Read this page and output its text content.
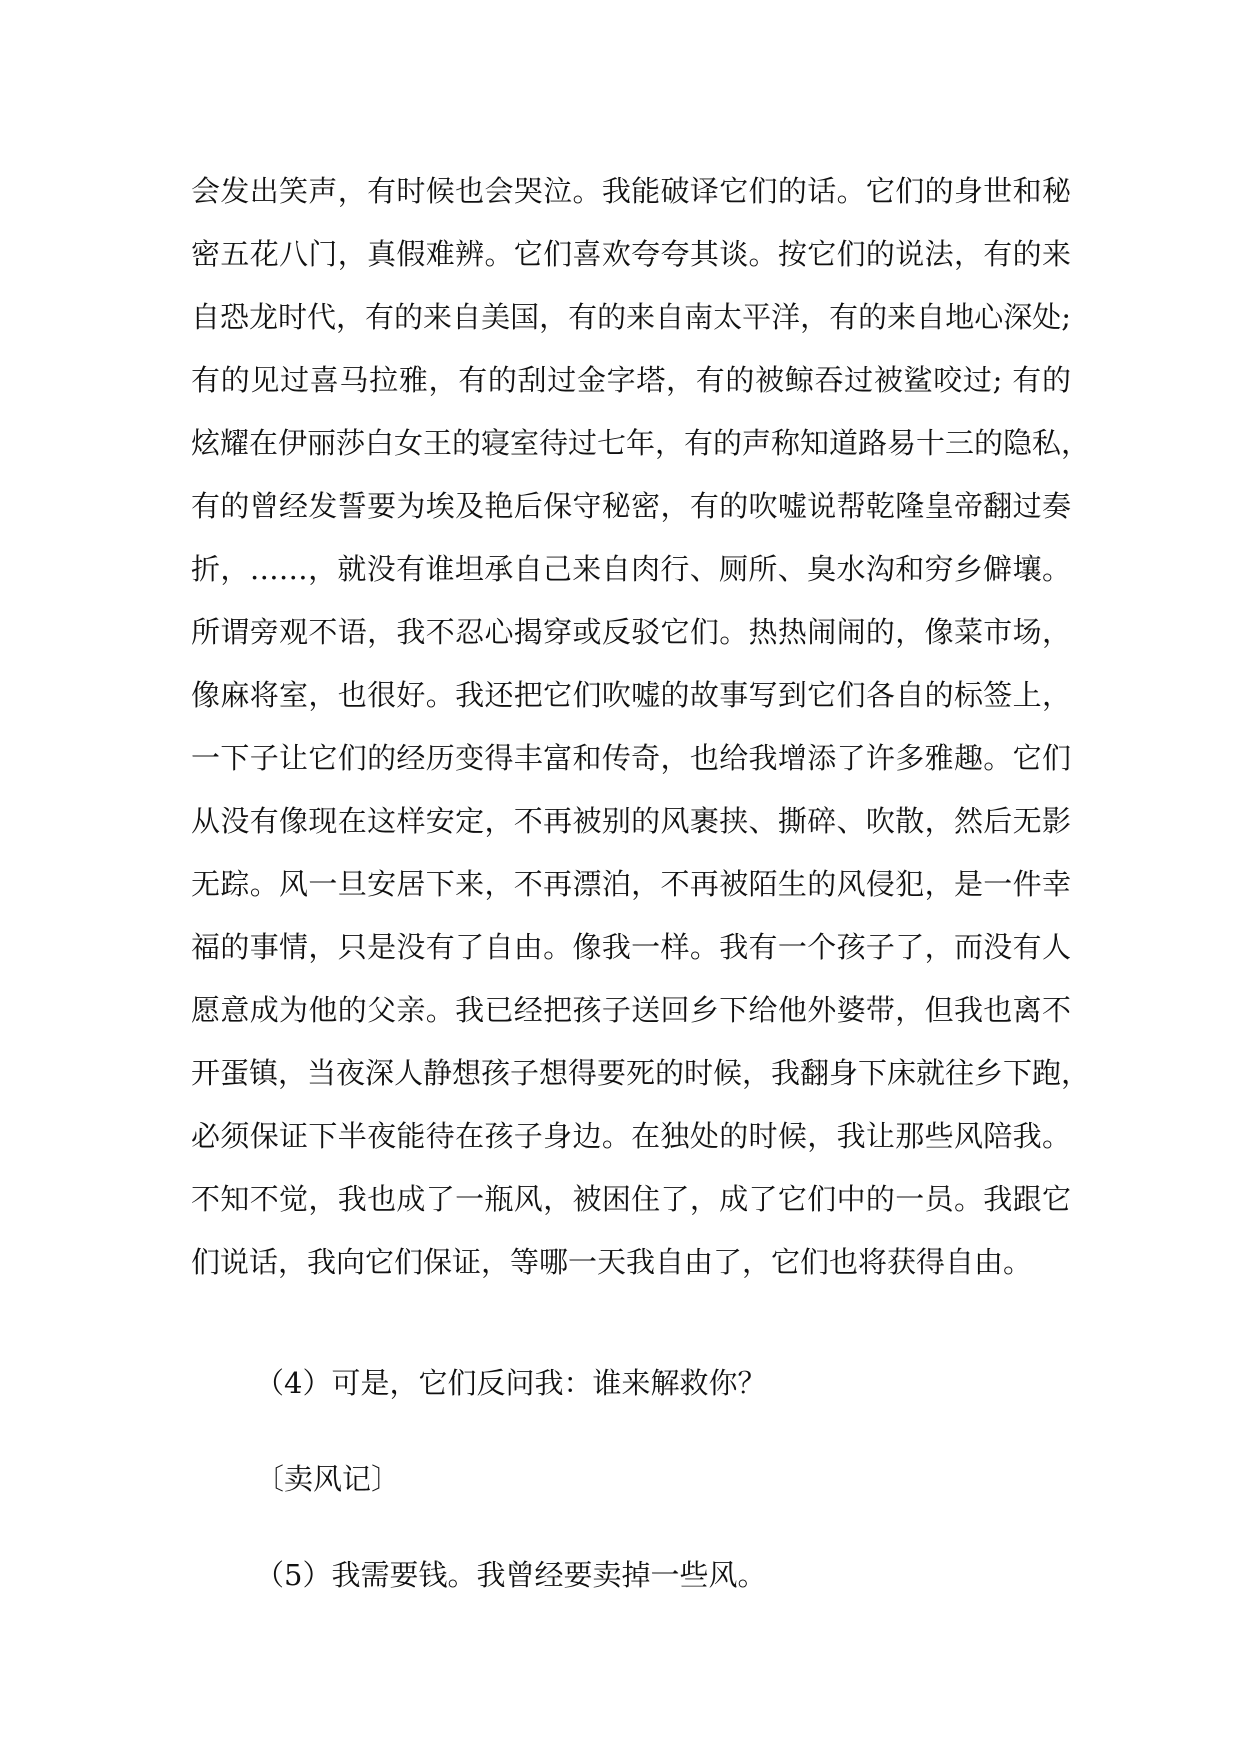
会发出笑声，有时候也会哭泣。我能破译它们的话。它们的身世和秘
密五花八门，真假难辨。它们喜欢夸夸其谈。按它们的说法，有的来
自恐龙时代，有的来自美国，有的来自南太平洋，有的来自地心深处;
有的见过喜马拉雅，有的刮过金字塔，有的被鲸吞过被鲨咬过; 有的
炫耀在伊丽莎白女王的寝室待过七年，有的声称知道路易十三的隐私，
有的曾经发誓要为埃及艳后保守秘密，有的吹嘘说帮乾隆皇帝翻过奏
折，……，就没有谁坦承自己来自肉行、厕所、臭水沟和穷乡僻壤。
所谓旁观不语，我不忍心揭穿或反驳它们。热热闹闹的，像菜市场，
像麻将室，也很好。我还把它们吹嘘的故事写到它们各自的标签上，
一下子让它们的经历变得丰富和传奇，也给我增添了许多雅趣。它们
从没有像现在这样安定，不再被别的风裹挟、撕碎、吹散，然后无影
无踪。风一旦安居下来，不再漂泊，不再被陌生的风侵犯，是一件幸
福的事情，只是没有了自由。像我一样。我有一个孩子了，而没有人
愿意成为他的父亲。我已经把孩子送回乡下给他外婆带，但我也离不
开蛋镇，当夜深人静想孩子想得要死的时候，我翻身下床就往乡下跑，
必须保证下半夜能待在孩子身边。在独处的时候，我让那些风陪我。
不知不觉，我也成了一瓶风，被困住了，成了它们中的一员。我跟它
们说话，我向它们保证，等哪一天我自由了，它们也将获得自由。
（4）可是，它们反问我：谁来解救你？
〔卖风记〕
（5）我需要钱。我曾经要卖掉一些风。
